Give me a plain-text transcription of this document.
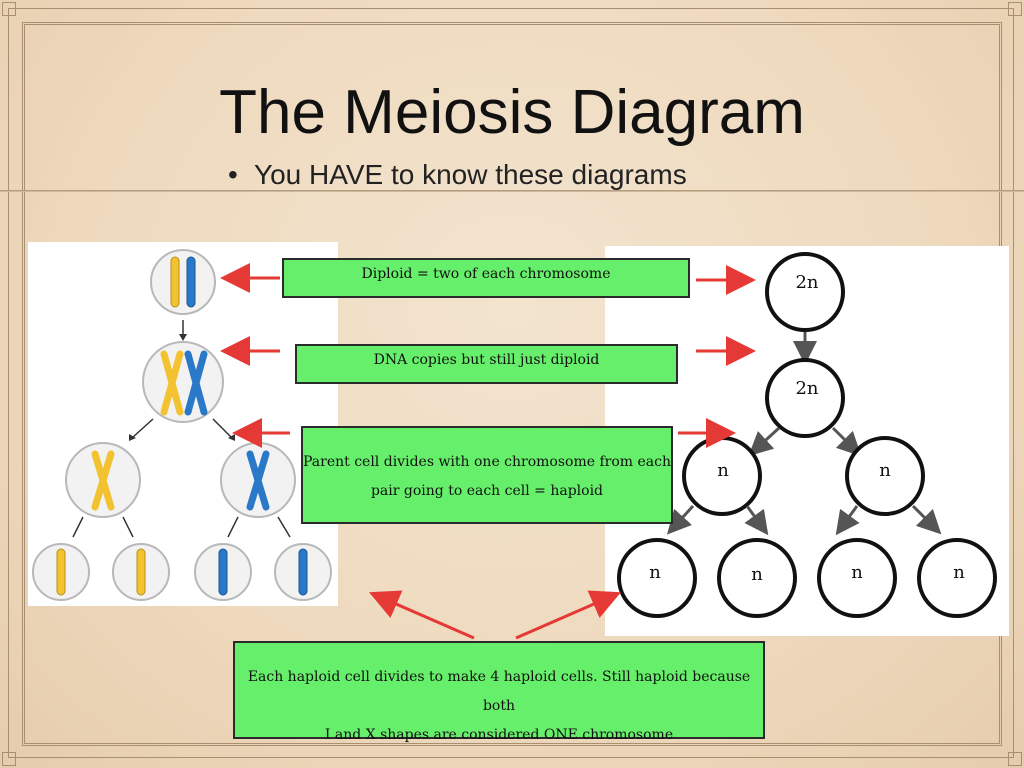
The Meiosis Diagram
• You HAVE to know these diagrams
2n
2n
n	n
n	n	n	n
Diploid = two of each chromosome
DNA copies but still just diploid
Parent cell divides with one chromosome from each
pair going to each cell = haploid
Each haploid cell divides to make 4 haploid cells. Still haploid because both
I and X shapes are considered ONE chromosome
